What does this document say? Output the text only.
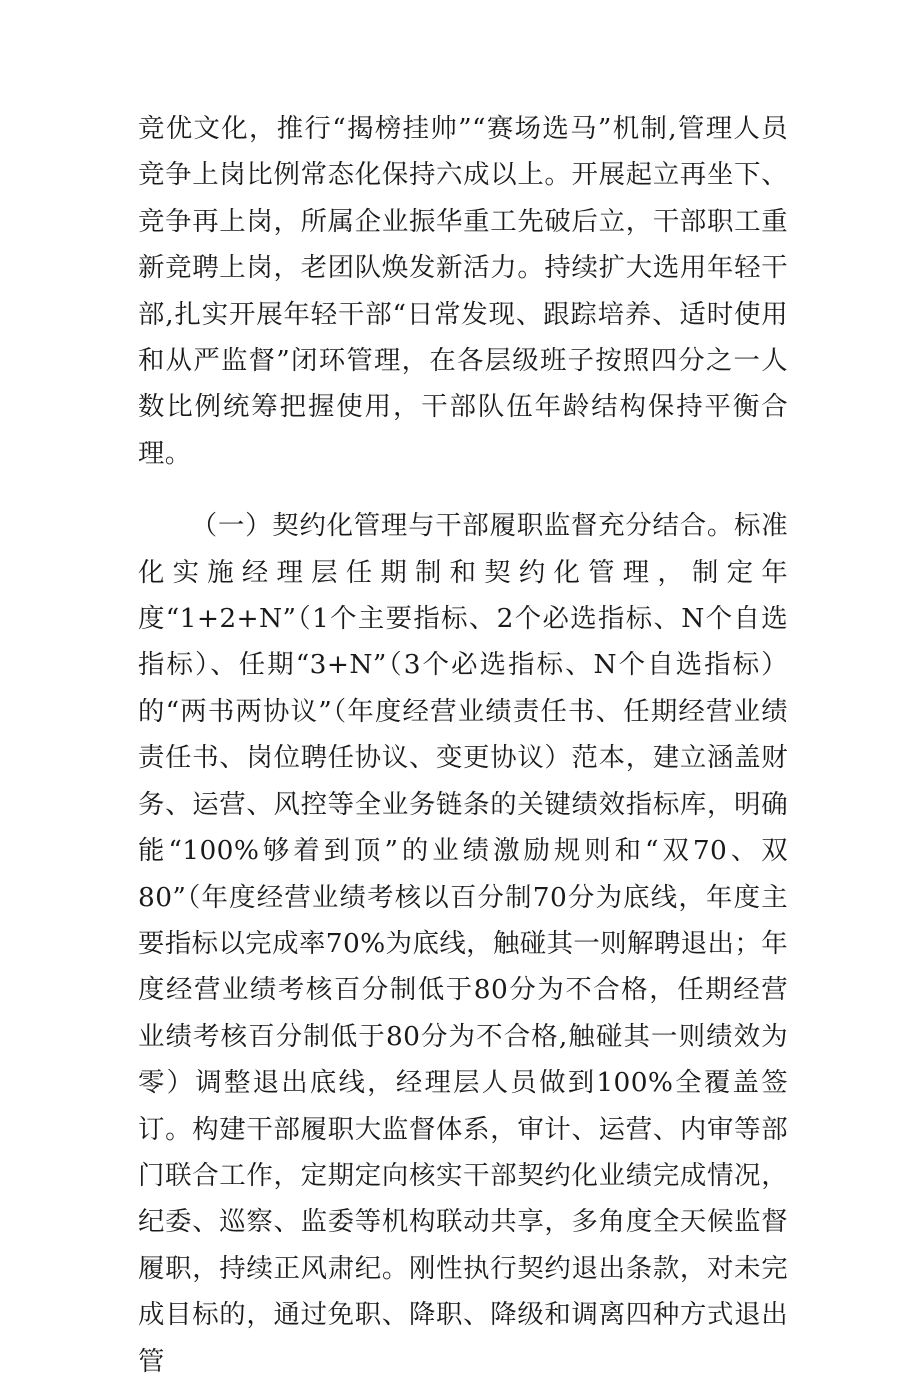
竞优文化，推行“揭榜挂帅”“赛场选马”机制,管理人员竞争上岗比例常态化保持六成以上。开展起立再坐下、竞争再上岗，所属企业振华重工先破后立，干部职工重新竞聘上岗，老团队焕发新活力。持续扩大选用年轻干部,扎实开展年轻干部“日常发现、跟踪培养、适时使用和从严监督”闭环管理，在各层级班子按照四分之一人数比例统筹把握使用，干部队伍年龄结构保持平衡合理。

（一）契约化管理与干部履职监督充分结合。标准化实施经理层任期制和契约化管理，制定年度“1+2+N”（1个主要指标、2个必选指标、N个自选指标）、任期“3+N”（3个必选指标、N个自选指标）的“两书两协议”（年度经营业绩责任书、任期经营业绩责任书、岗位聘任协议、变更协议）范本，建立涵盖财务、运营、风控等全业务链条的关键绩效指标库，明确能“100%够着到顶”的业绩激励规则和“双70、双80”（年度经营业绩考核以百分制70分为底线，年度主要指标以完成率70%为底线，触碰其一则解聘退出；年度经营业绩考核百分制低于80分为不合格，任期经营业绩考核百分制低于80分为不合格,触碰其一则绩效为零）调整退出底线，经理层人员做到100%全覆盖签订。构建干部履职大监督体系，审计、运营、内审等部门联合工作，定期定向核实干部契约化业绩完成情况，纪委、巡察、监委等机构联动共享，多角度全天候监督履职，持续正风肃纪。刚性执行契约退出条款，对未完成目标的，通过免职、降职、降级和调离四种方式退出管
